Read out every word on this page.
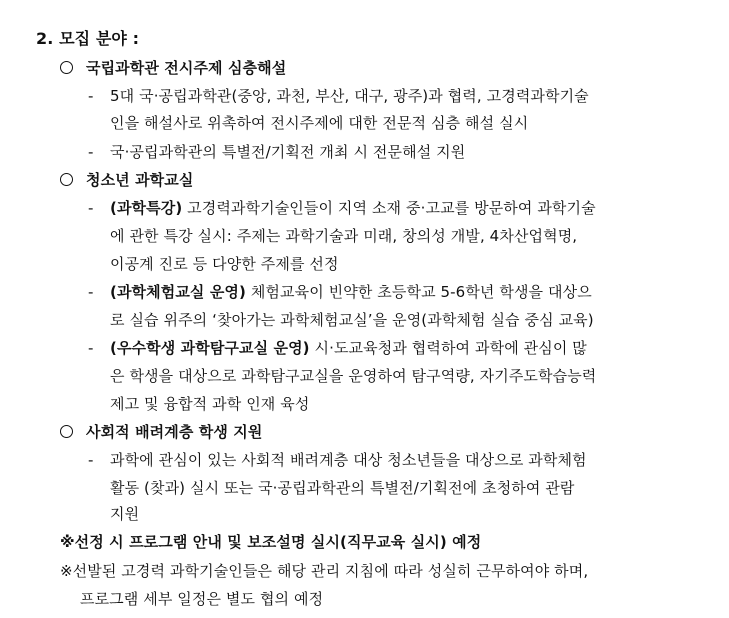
2. 모집 분야 :
국립과학관 전시주제 심층해설
- 5대 국·공립과학관(중앙, 과천, 부산, 대구, 광주)과 협력, 고경력과학기술
인을 해설사로 위촉하여 전시주제에 대한 전문적 심층 해설 실시
- 국·공립과학관의 특별전/기획전 개최 시 전문해설 지원
청소년 과학교실
- (과학특강) 고경력과학기술인들이 지역 소재 중·고교를 방문하여 과학기술
에 관한 특강 실시: 주제는 과학기술과 미래, 창의성 개발, 4차산업혁명,
이공계 진로 등 다양한 주제를 선정
- (과학체험교실 운영) 체험교육이 빈약한 초등학교 5-6학년 학생을 대상으
로 실습 위주의 ‘찾아가는 과학체험교실’을 운영(과학체험 실습 중심 교육)
- (우수학생 과학탐구교실 운영) 시·도교육청과 협력하여 과학에 관심이 많
은 학생을 대상으로 과학탐구교실을 운영하여 탐구역량, 자기주도학습능력
제고 및 융합적 과학 인재 육성
사회적 배려계층 학생 지원
- 과학에 관심이 있는 사회적 배려계층 대상 청소년들을 대상으로 과학체험
활동 (찾과) 실시 또는 국·공립과학관의 특별전/기획전에 초청하여 관람
지원
※선정 시 프로그램 안내 및 보조설명 실시(직무교육 실시) 예정
※선발된 고경력 과학기술인들은 해당 관리 지침에 따라 성실히 근무하여야 하며,
프로그램 세부 일정은 별도 협의 예정
